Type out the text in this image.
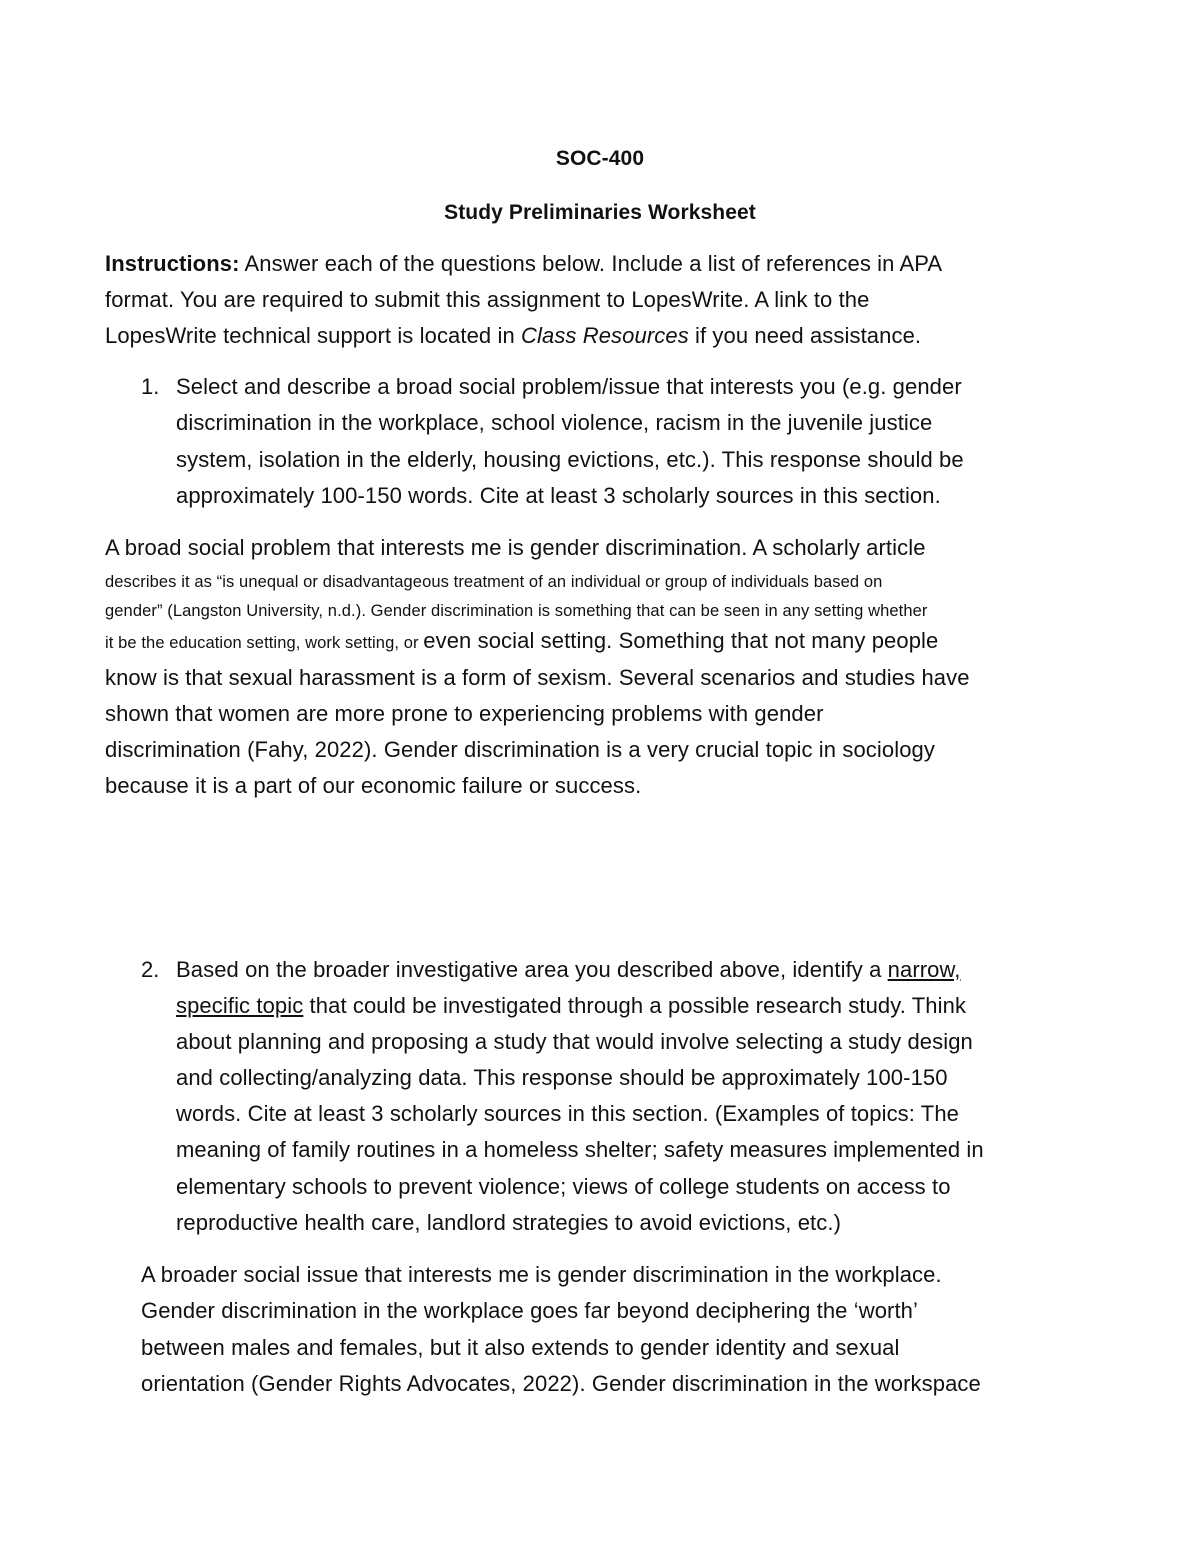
SOC-400
Study Preliminaries Worksheet
Instructions: Answer each of the questions below. Include a list of references in APA
format. You are required to submit this assignment to LopesWrite. A link to the
LopesWrite technical support is located in Class Resources if you need assistance.
1. Select and describe a broad social problem/issue that interests you (e.g. gender
discrimination in the workplace, school violence, racism in the juvenile justice
system, isolation in the elderly, housing evictions, etc.). This response should be
approximately 100-150 words. Cite at least 3 scholarly sources in this section.
A broad social problem that interests me is gender discrimination. A scholarly article
describes it as “is unequal or disadvantageous treatment of an individual or group of individuals based on
gender” (Langston University, n.d.). Gender discrimination is something that can be seen in any setting whether
it be the education setting, work setting, or even social setting. Something that not many people
know is that sexual harassment is a form of sexism. Several scenarios and studies have
shown that women are more prone to experiencing problems with gender
discrimination (Fahy, 2022). Gender discrimination is a very crucial topic in sociology
because it is a part of our economic failure or success.
2. Based on the broader investigative area you described above, identify a narrow,
specific topic that could be investigated through a possible research study. Think
about planning and proposing a study that would involve selecting a study design
and collecting/analyzing data. This response should be approximately 100-150
words. Cite at least 3 scholarly sources in this section. (Examples of topics: The
meaning of family routines in a homeless shelter; safety measures implemented in
elementary schools to prevent violence; views of college students on access to
reproductive health care, landlord strategies to avoid evictions, etc.)
A broader social issue that interests me is gender discrimination in the workplace.
Gender discrimination in the workplace goes far beyond deciphering the ‘worth’
between males and females, but it also extends to gender identity and sexual
orientation (Gender Rights Advocates, 2022). Gender discrimination in the workspace
